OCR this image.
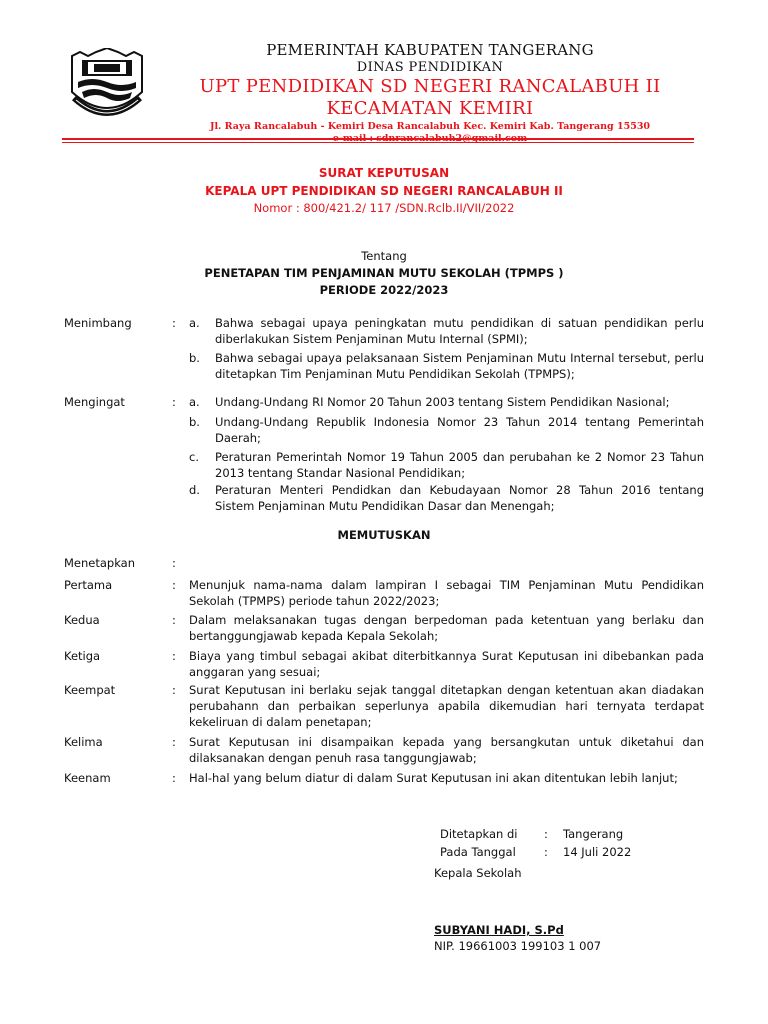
PEMERINTAH KABUPATEN TANGERANG
DINAS PENDIDIKAN
UPT PENDIDIKAN SD NEGERI RANCALABUH II
KECAMATAN KEMIRI
Jl. Raya Rancalabuh - Kemiri Desa Rancalabuh Kec. Kemiri Kab. Tangerang 15530
SURAT KEPUTUSAN
KEPALA UPT PENDIDIKAN SD NEGERI RANCALABUH II
Nomor : 800/421.2/ 117 /SDN.Rclb.II/VII/2022
Tentang
PENETAPAN TIM PENJAMINAN MUTU SEKOLAH (TPMPS )
PERIODE 2022/2023
Menimbang	: a. Bahwa sebagai upaya peningkatan mutu pendidikan di satuan pendidikan perlu diberlakukan Sistem Penjaminan Mutu Internal (SPMI);
b. Bahwa sebagai upaya pelaksanaan Sistem Penjaminan Mutu Internal tersebut, perlu ditetapkan Tim Penjaminan Mutu Pendidikan Sekolah (TPMPS);
Mengingat	: a. Undang-Undang RI Nomor 20 Tahun 2003 tentang Sistem Pendidikan Nasional;
b. Undang-Undang Republik Indonesia Nomor 23 Tahun 2014 tentang Pemerintah Daerah;
c. Peraturan Pemerintah Nomor 19 Tahun 2005 dan perubahan ke 2 Nomor 23 Tahun 2013 tentang Standar Nasional Pendidikan;
d. Peraturan Menteri Pendidkan dan Kebudayaan Nomor 28 Tahun 2016 tentang Sistem Penjaminan Mutu Pendidikan Dasar dan Menengah;
MEMUTUSKAN
Menetapkan	:
Pertama	: Menunjuk nama-nama dalam lampiran I sebagai TIM Penjaminan Mutu Pendidikan Sekolah (TPMPS) periode tahun 2022/2023;
Kedua	: Dalam melaksanakan tugas dengan berpedoman pada ketentuan yang berlaku dan bertanggungjawab kepada Kepala Sekolah;
Ketiga	: Biaya yang timbul sebagai akibat diterbitkannya Surat Keputusan ini dibebankan pada anggaran yang sesuai;
Keempat	: Surat Keputusan ini berlaku sejak tanggal ditetapkan dengan ketentuan akan diadakan perubahann dan perbaikan seperlunya apabila dikemudian hari ternyata terdapat kekeliruan di dalam penetapan;
Kelima	: Surat Keputusan ini disampaikan kepada yang bersangkutan untuk diketahui dan dilaksanakan dengan penuh rasa tanggungjawab;
Keenam	: Hal-hal yang belum diatur di dalam Surat Keputusan ini akan ditentukan lebih lanjut;
Ditetapkan di : Tangerang
Pada Tanggal : 14 Juli 2022
Kepala Sekolah
SUBYANI HADI, S.Pd
NIP. 19661003 199103 1 007
